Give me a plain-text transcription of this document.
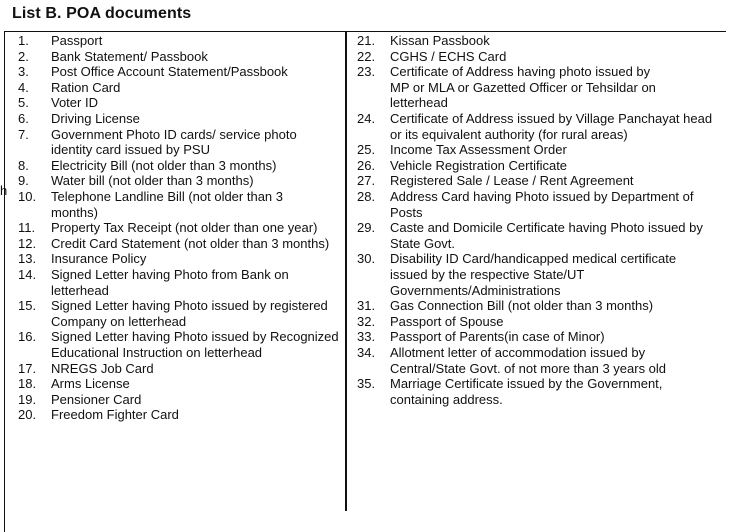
List B. POA documents
h
1. Passport
2. Bank Statement/ Passbook
3. Post Office Account Statement/Passbook
4. Ration Card
5. Voter ID
6. Driving License
7. Government Photo ID cards/ service photo
identity card issued by PSU
8. Electricity Bill (not older than 3 months)
9. Water bill (not older than 3 months)
10. Telephone Landline Bill (not older than 3
months)
11. Property Tax Receipt (not older than one year)
12. Credit Card Statement (not older than 3 months)
13. Insurance Policy
14. Signed Letter having Photo from Bank on
letterhead
15. Signed Letter having Photo issued by registered
Company on letterhead
16. Signed Letter having Photo issued by Recognized
Educational Instruction on letterhead
17. NREGS Job Card
18. Arms License
19. Pensioner Card
20. Freedom Fighter Card
21. Kissan Passbook
22. CGHS / ECHS Card
23. Certificate of Address having photo issued by
MP or MLA or Gazetted Officer or Tehsildar on
letterhead
24. Certificate of Address issued by Village Panchayat head
or its equivalent authority (for rural areas)
25. Income Tax Assessment Order
26. Vehicle Registration Certificate
27. Registered Sale / Lease / Rent Agreement
28. Address Card having Photo issued by Department of
Posts
29. Caste and Domicile Certificate having Photo issued by
State Govt.
30. Disability ID Card/handicapped medical certificate
issued by the respective State/UT
Governments/Administrations
31. Gas Connection Bill (not older than 3 months)
32. Passport of Spouse
33. Passport of Parents(in case of Minor)
34. Allotment letter of accommodation issued by
Central/State Govt. of not more than 3 years old
35. Marriage Certificate issued by the Government,
containing address.
